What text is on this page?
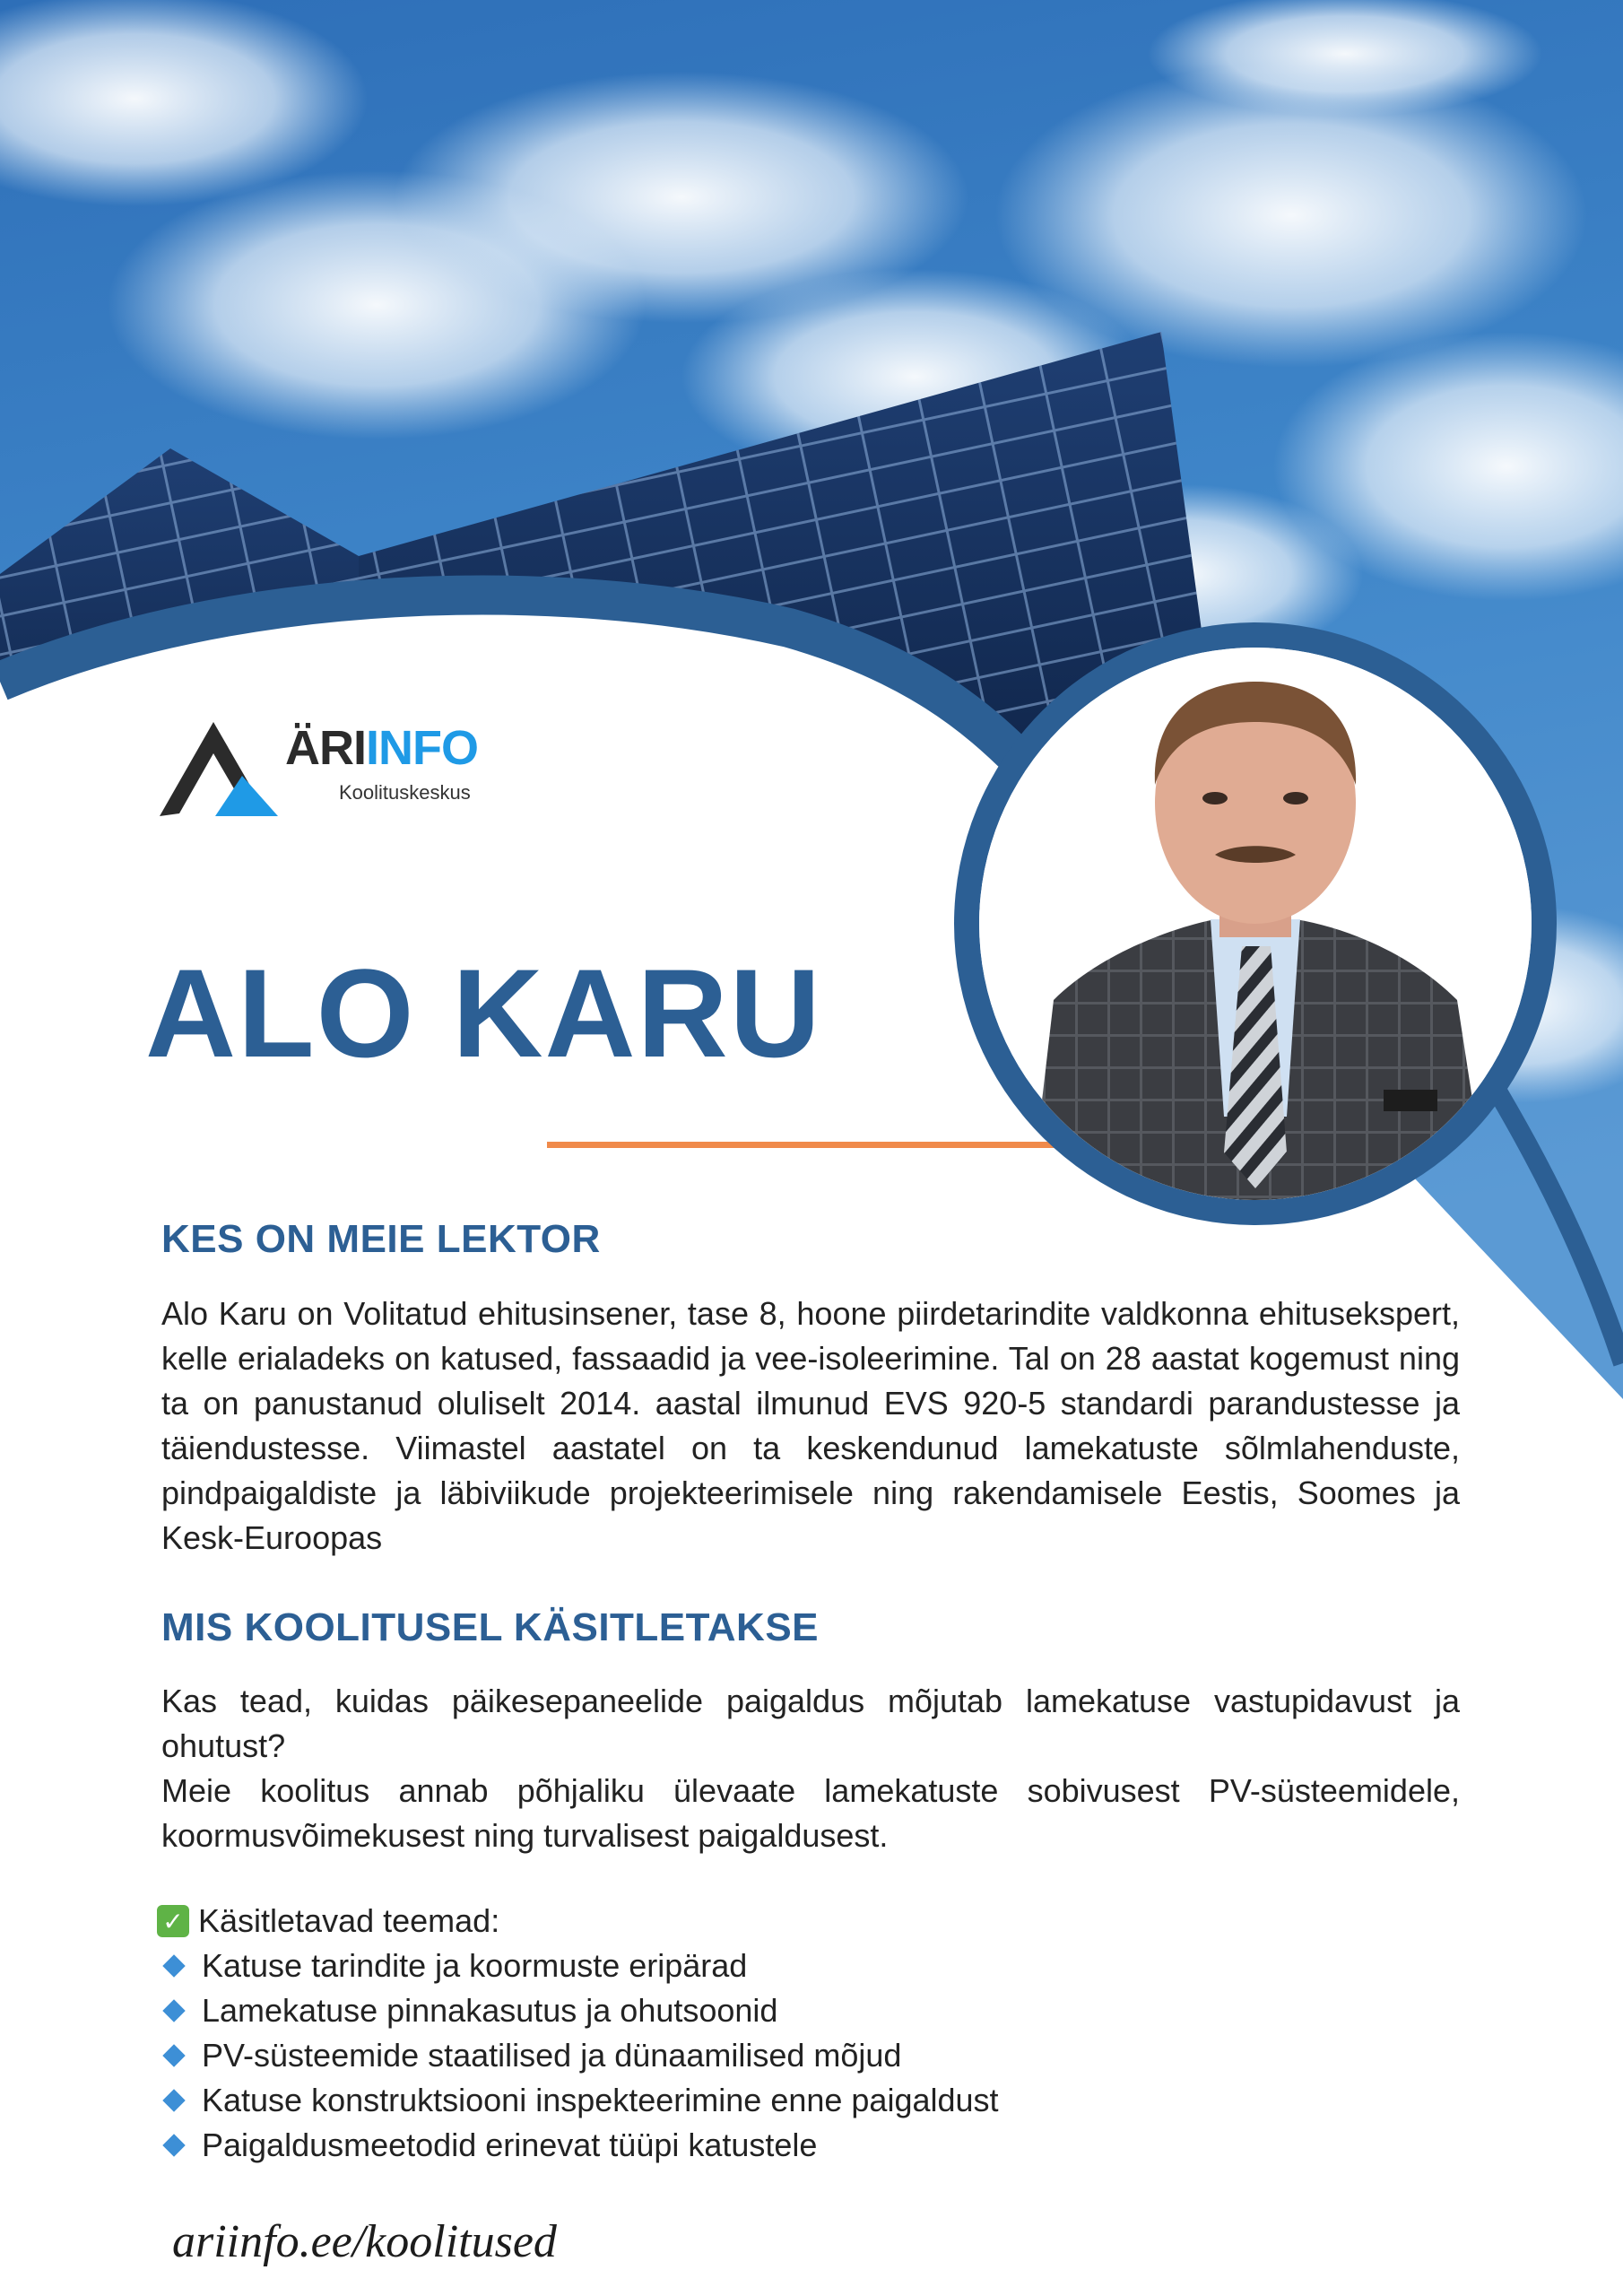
ÄRIINFO
Koolituskeskus
ALO KARU
KES ON MEIE LEKTOR

Alo Karu on Volitatud ehitusinsener, tase 8, hoone piirdetarindite valdkonna ehitusekspert, kelle erialadeks on katused, fassaadid ja vee-isoleerimine. Tal on 28 aastat kogemust ning ta on panustanud oluliselt 2014. aastal ilmunud EVS 920-5 standardi parandustesse ja täiendustesse. Viimastel aastatel on ta keskendunud lamekatuste sõlmlahenduste, pindpaigaldiste ja läbiviikude projekteerimisele ning rakendamisele Eestis, Soomes ja Kesk-Euroopas

MIS KOOLITUSEL KÄSITLETAKSE

Kas tead, kuidas päikesepaneelide paigaldus mõjutab lamekatuse vastupidavust ja ohutust?

Meie koolitus annab põhjaliku ülevaate lamekatuste sobivusest PV-süsteemidele, koormusvõimekusest ning turvalisest paigaldusest.

✓ Käsitletavad teemad:
Katuse tarindite ja koormuste eripärad
Lamekatuse pinnakasutus ja ohutsoonid
PV-süsteemide staatilised ja dünaamilised mõjud
Katuse konstruktsiooni inspekteerimine enne paigaldust
Paigaldusmeetodid erinevat tüüpi katustele
ariinfo.ee/koolitused
